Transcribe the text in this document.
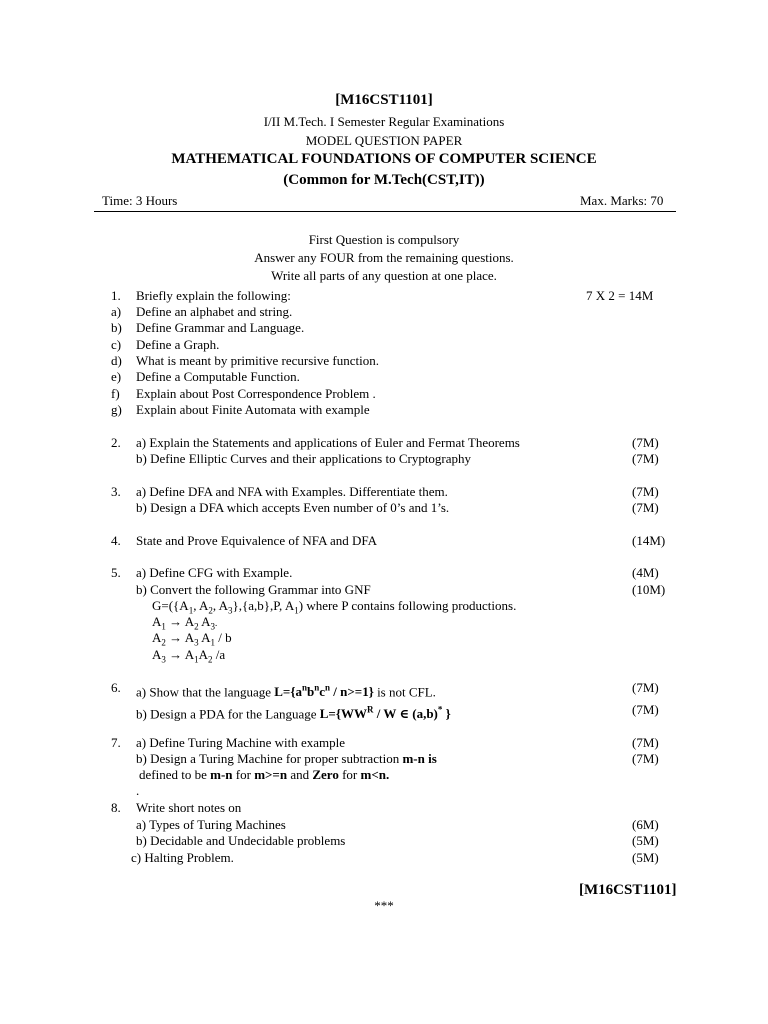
[M16CST1101]
I/II M.Tech. I Semester Regular Examinations
MODEL QUESTION PAPER
MATHEMATICAL FOUNDATIONS OF COMPUTER SCIENCE
(Common for M.Tech(CST,IT))
Time: 3 Hours	Max. Marks: 70
First Question is compulsory
Answer any FOUR from the remaining questions.
Write all parts of any question at one place.
1. Briefly explain the following:	7 X 2 = 14M
a) Define an alphabet and string.
b) Define Grammar and Language.
c) Define a Graph.
d) What is meant by primitive recursive function.
e) Define a Computable Function.
f) Explain about Post Correspondence Problem .
g) Explain about Finite Automata with example
2. a) Explain the Statements and applications of Euler and Fermat Theorems	(7M)
b) Define Elliptic Curves and their applications to Cryptography	(7M)
3. a) Define DFA and NFA with Examples. Differentiate them.	(7M)
b) Design a DFA which accepts Even number of 0’s and 1’s.	(7M)
4. State and Prove Equivalence of NFA and DFA	(14M)
5. a) Define CFG with Example.	(4M)
b) Convert the following Grammar into GNF	(10M)
$G=(\{A_1$, $A_2$, $A_3\},\{a,b\},P$, $A_1$) where P contains following productions.
$A_1 \to A_2$ $A_3$.
$A_2 \to A_3$ $A_1$ / b
$A_3 \to A_1A_2$ /a
6. a) Show that the language $L=\{a^nb^nc^n / n>=1\}$ is not CFL.	(7M)
b) Design a PDA for the Language $L=\{WW^R / W$ ∈ (a,b)* }	(7M)
7. a) Define Turing Machine with example	(7M)
b) Design a Turing Machine for proper subtraction m-n is	(7M)
defined to be m-n for m>=n and Zero for m<n.
.
8. Write short notes on
a) Types of Turing Machines	(6M)
b) Decidable and Undecidable problems	(5M)
c) Halting Problem.	(5M)
[M16CST1101]
***
